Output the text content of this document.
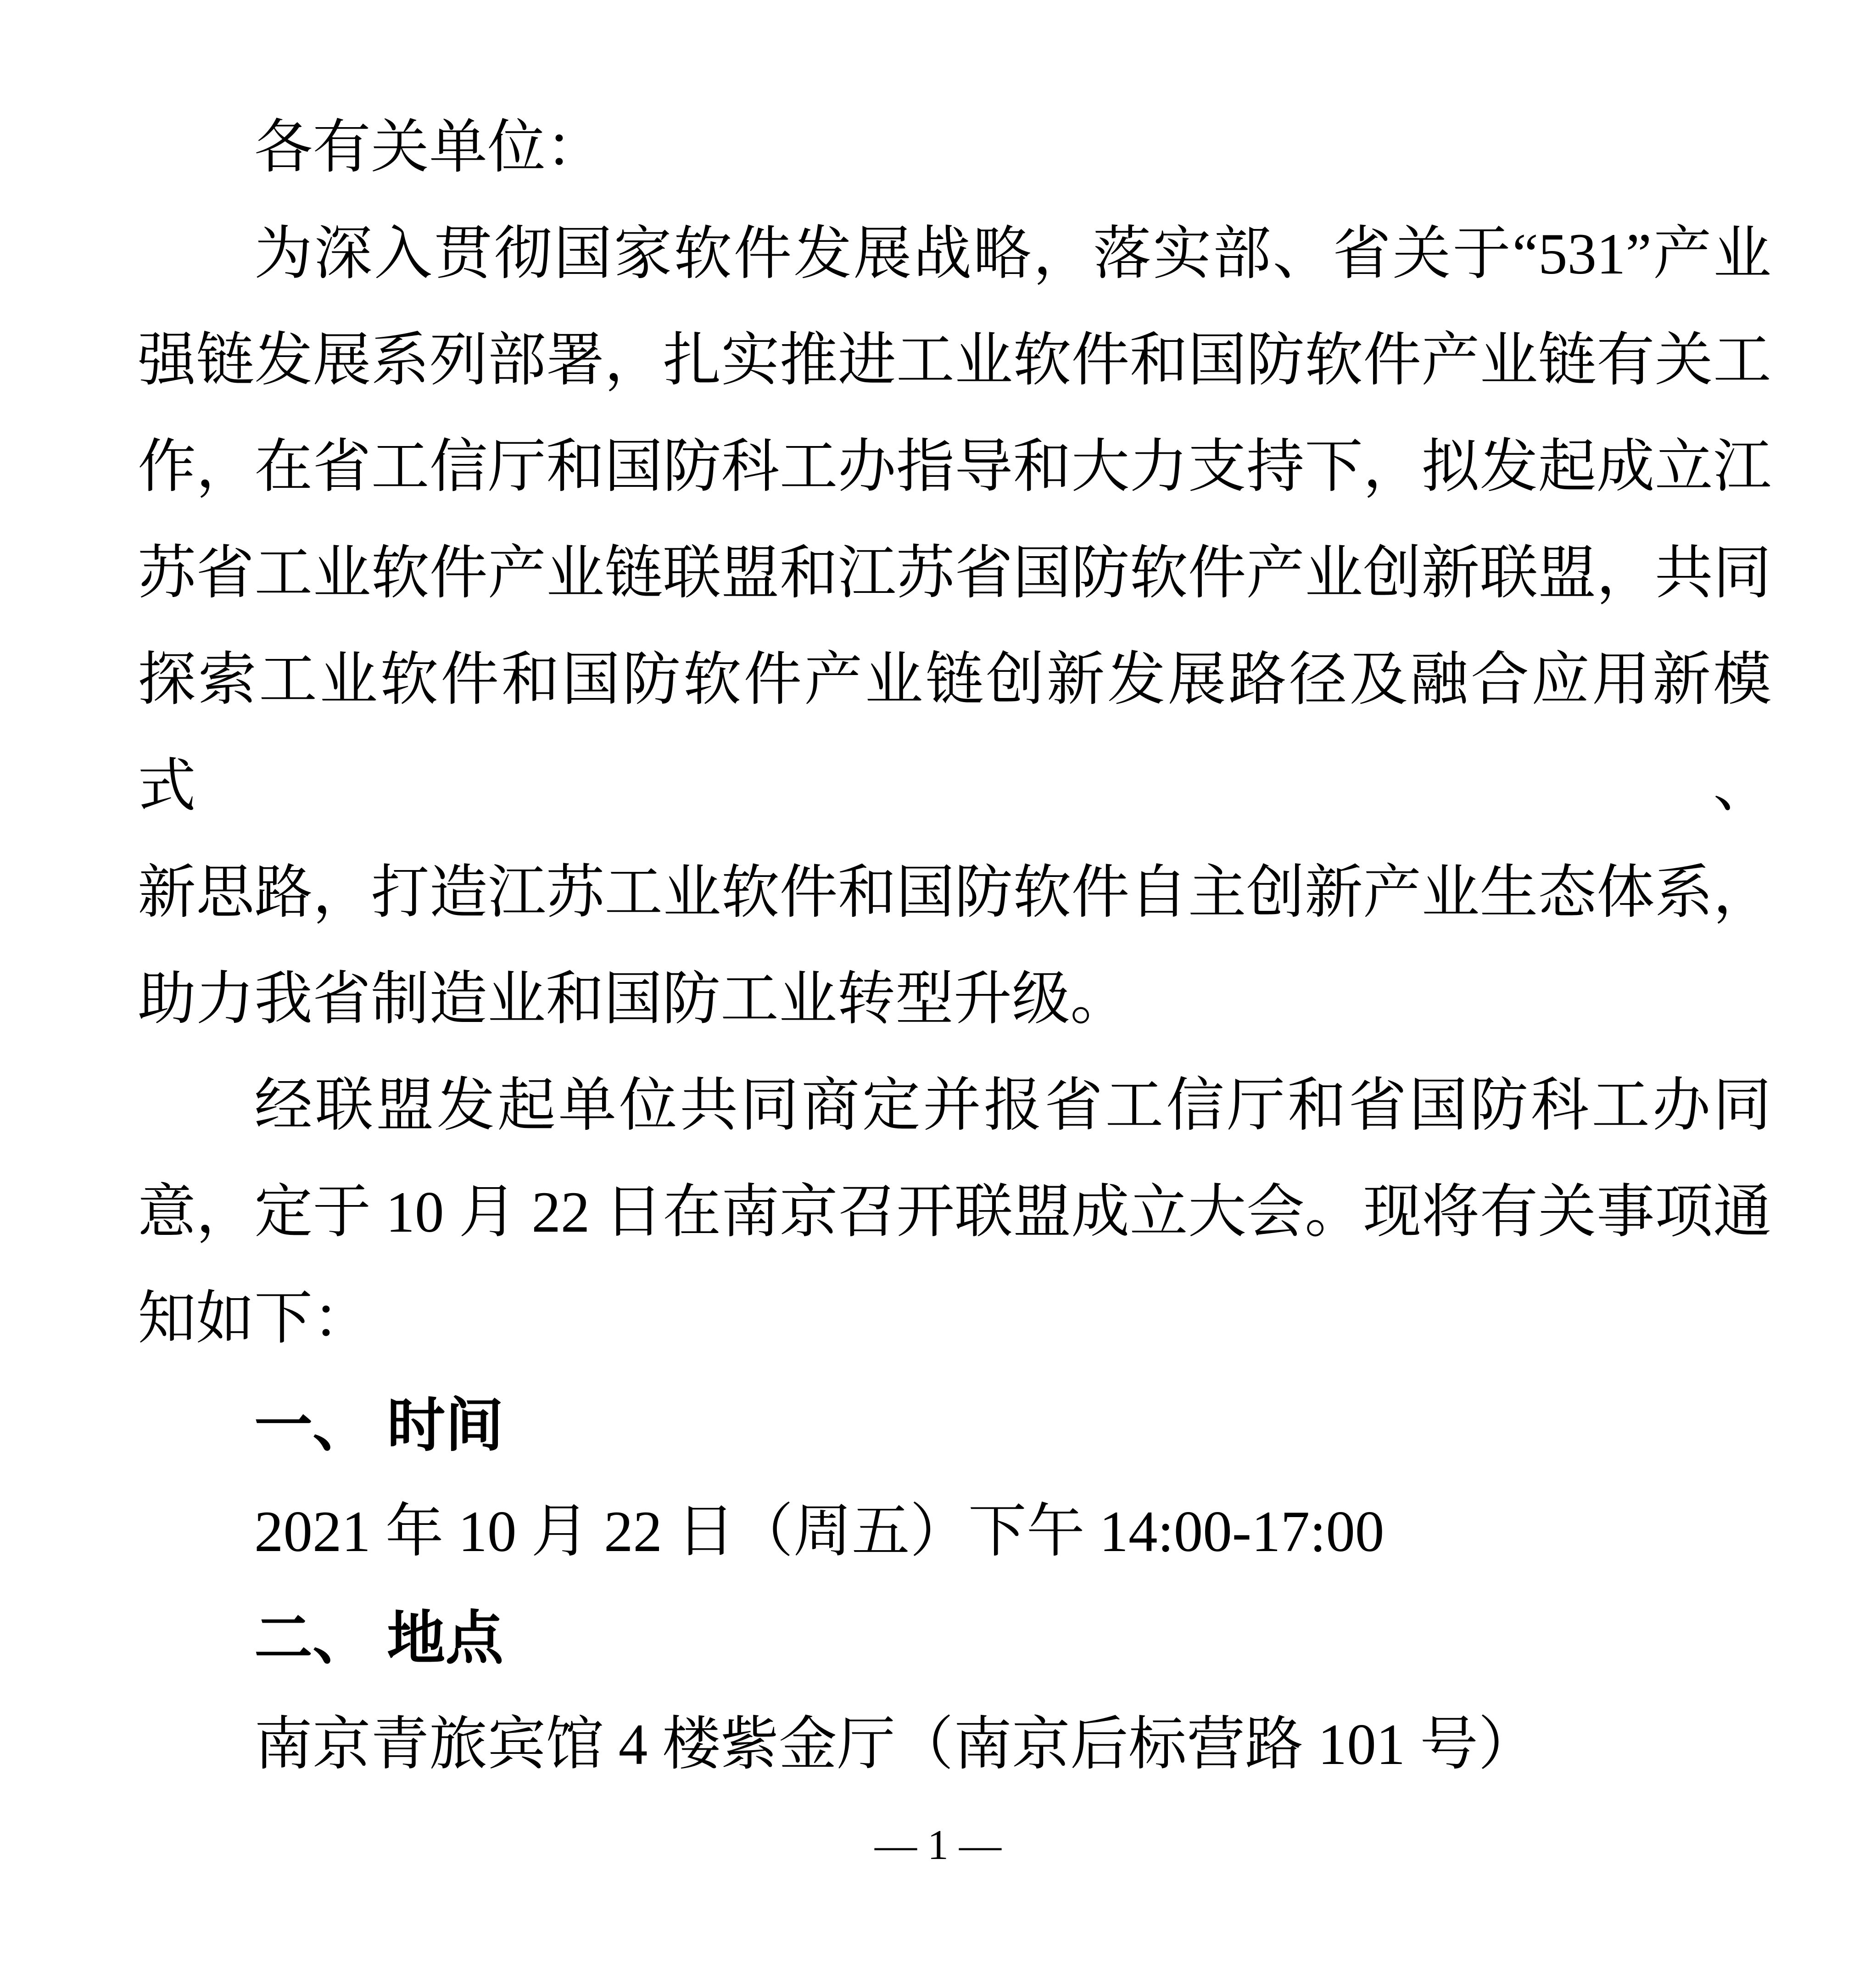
各有关单位：

为深入贯彻国家软件发展战略，落实部、省关于“531”产业

强链发展系列部署，扎实推进工业软件和国防软件产业链有关工

作，在省工信厅和国防科工办指导和大力支持下，拟发起成立江

苏省工业软件产业链联盟和江苏省国防软件产业创新联盟，共同

探索工业软件和国防软件产业链创新发展路径及融合应用新模式、

新思路，打造江苏工业软件和国防软件自主创新产业生态体系，

助力我省制造业和国防工业转型升级。

经联盟发起单位共同商定并报省工信厅和省国防科工办同

意，定于 10 月 22 日在南京召开联盟成立大会。现将有关事项通

知如下：

一、 时间

2021 年 10 月 22 日（周五）下午 14:00-17:00

二、 地点

南京青旅宾馆 4 楼紫金厅（南京后标营路 101 号）

— 1 —
